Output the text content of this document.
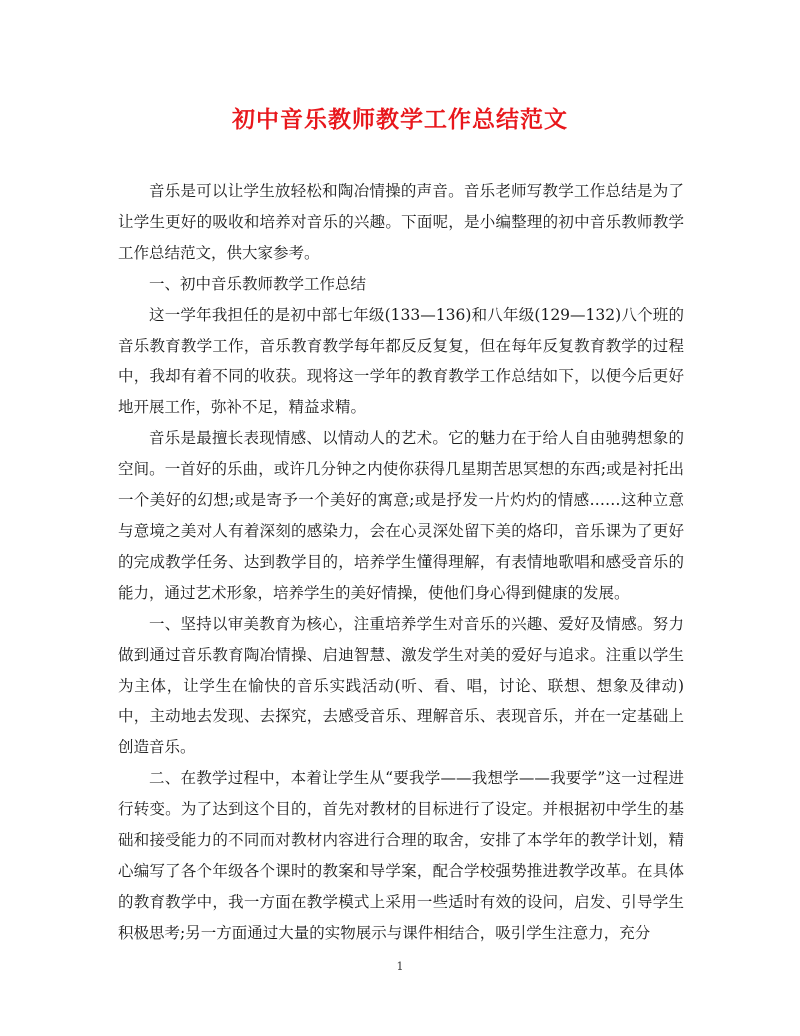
初中音乐教师教学工作总结范文

音乐是可以让学生放轻松和陶冶情操的声音。音乐老师写教学工作总结是为了让学生更好的吸收和培养对音乐的兴趣。下面呢，是小编整理的初中音乐教师教学工作总结范文，供大家参考。

一、初中音乐教师教学工作总结

这一学年我担任的是初中部七年级(133—136)和八年级(129—132)八个班的音乐教育教学工作，音乐教育教学每年都反反复复，但在每年反复教育教学的过程中，我却有着不同的收获。现将这一学年的教育教学工作总结如下，以便今后更好地开展工作，弥补不足，精益求精。

音乐是最擅长表现情感、以情动人的艺术。它的魅力在于给人自由驰骋想象的空间。一首好的乐曲，或许几分钟之内使你获得几星期苦思冥想的东西;或是衬托出一个美好的幻想;或是寄予一个美好的寓意;或是抒发一片灼灼的情感……这种立意与意境之美对人有着深刻的感染力，会在心灵深处留下美的烙印，音乐课为了更好的完成教学任务、达到教学目的，培养学生懂得理解，有表情地歌唱和感受音乐的能力，通过艺术形象，培养学生的美好情操，使他们身心得到健康的发展。

一、坚持以审美教育为核心，注重培养学生对音乐的兴趣、爱好及情感。努力做到通过音乐教育陶冶情操、启迪智慧、激发学生对美的爱好与追求。注重以学生为主体，让学生在愉快的音乐实践活动(听、看、唱，讨论、联想、想象及律动)中，主动地去发现、去探究，去感受音乐、理解音乐、表现音乐，并在一定基础上创造音乐。

二、在教学过程中，本着让学生从“要我学——我想学——我要学”这一过程进行转变。为了达到这个目的，首先对教材的目标进行了设定。并根据初中学生的基础和接受能力的不同而对教材内容进行合理的取舍，安排了本学年的教学计划，精心编写了各个年级各个课时的教案和导学案，配合学校强势推进教学改革。在具体的教育教学中，我一方面在教学模式上采用一些适时有效的设问，启发、引导学生积极思考;另一方面通过大量的实物展示与课件相结合，吸引学生注意力，充分

1
